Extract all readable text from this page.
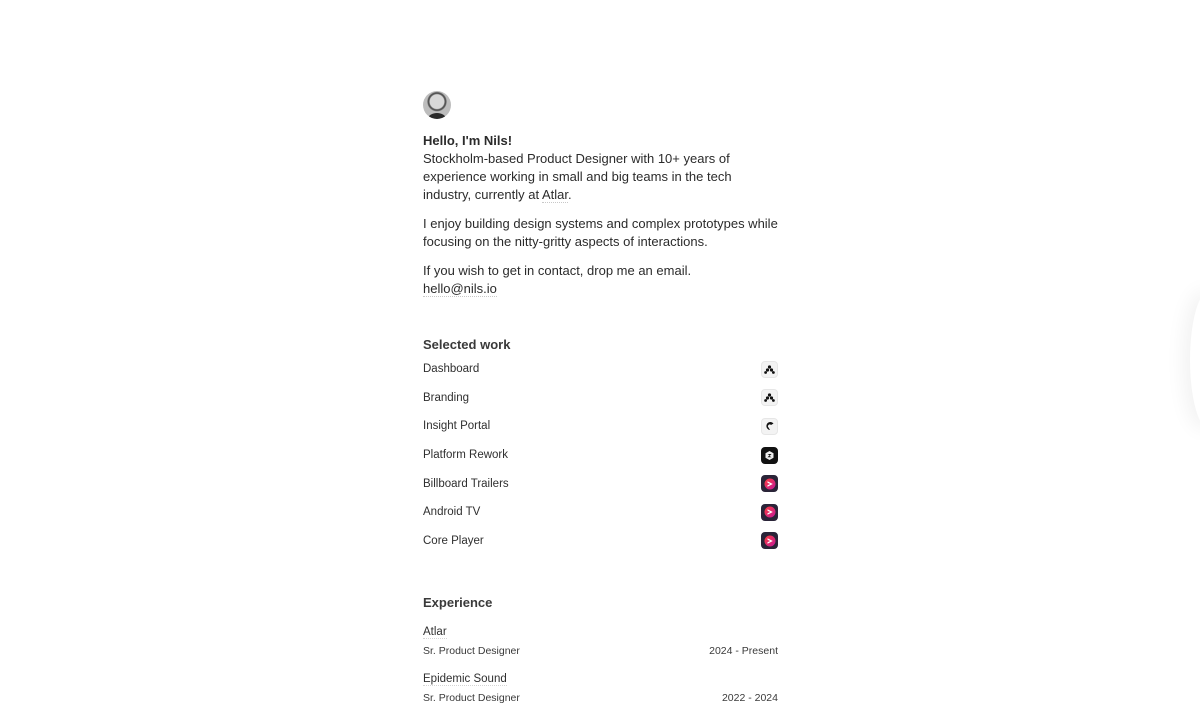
Hello, I'm Nils!
Stockholm-based Product Designer with 10+ years of experience working in small and big teams in the tech industry, currently at Atlar.

I enjoy building design systems and complex prototypes while focusing on the nitty-gritty aspects of interactions.

If you wish to get in contact, drop me an email.
hello@nils.io

Selected work
Dashboard
Branding
Insight Portal
Platform Rework
Billboard Trailers
Android TV
Core Player
Experience
Atlar
Sr. Product Designer	2024 - Present
Epidemic Sound
Sr. Product Designer	2022 - 2024
